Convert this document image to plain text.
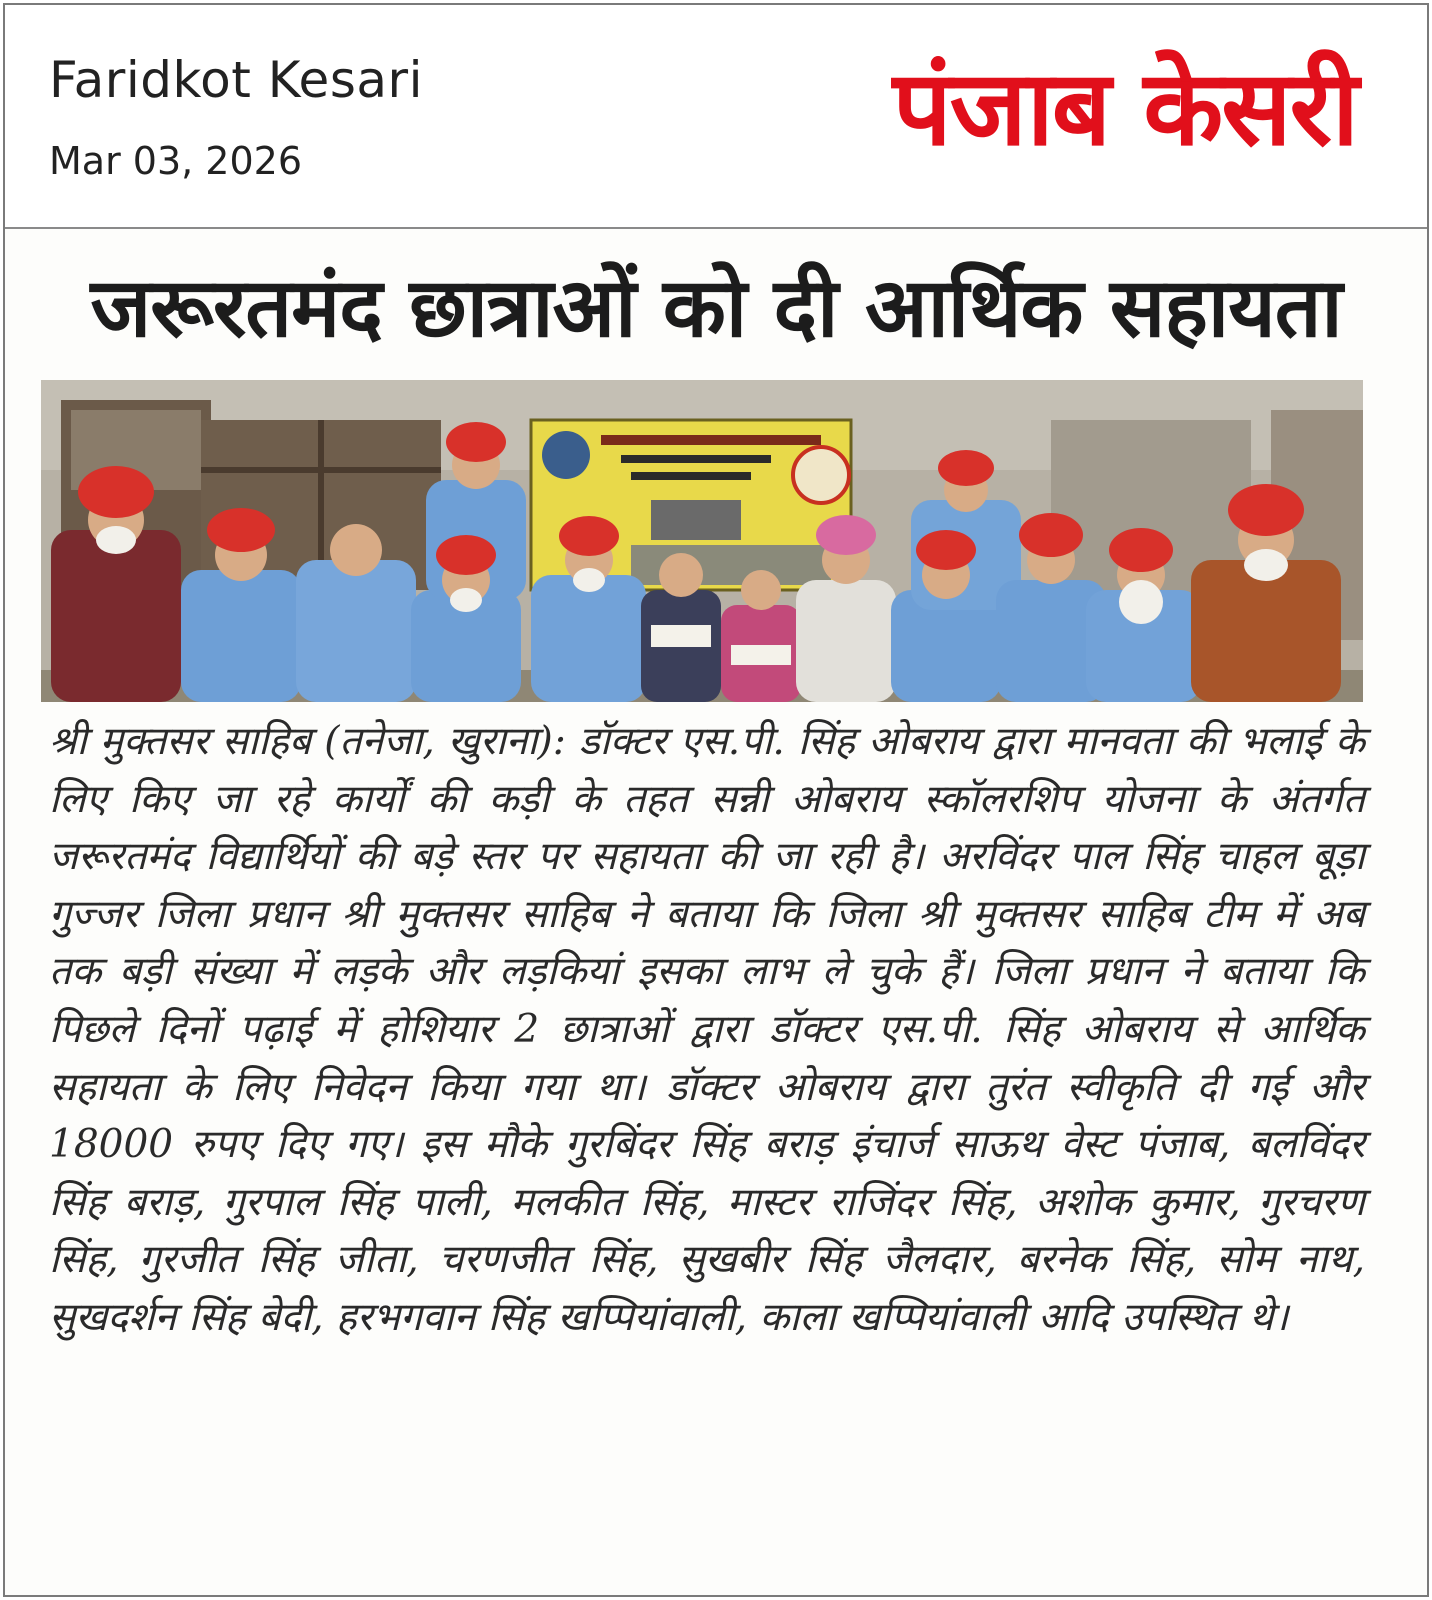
Faridkot Kesari
Mar 03, 2026	पंजाब केसरी
जरूरतमंद छात्राओं को दी आर्थिक सहायता

श्री मुक्तसर साहिब (तनेजा, खुराना): डॉक्टर एस.पी. सिंह ओबराय द्वारा मानवता की भलाई के लिए किए जा रहे कार्यों की कड़ी के तहत सन्नी ओबराय स्कॉलरशिप योजना के अंतर्गत जरूरतमंद विद्यार्थियों की बड़े स्तर पर सहायता की जा रही है। अरविंदर पाल सिंह चाहल बूड़ा गुज्जर जिला प्रधान श्री मुक्तसर साहिब ने बताया कि जिला श्री मुक्तसर साहिब टीम में अब तक बड़ी संख्या में लड़के और लड़कियां इसका लाभ ले चुके हैं। जिला प्रधान ने बताया कि पिछले दिनों पढ़ाई में होशियार 2 छात्राओं द्वारा डॉक्टर एस.पी. सिंह ओबराय से आर्थिक सहायता के लिए निवेदन किया गया था। डॉक्टर ओबराय द्वारा तुरंत स्वीकृति दी गई और 18000 रुपए दिए गए। इस मौके गुरबिंदर सिंह बराड़ इंचार्ज साऊथ वेस्ट पंजाब, बलविंदर सिंह बराड़, गुरपाल सिंह पाली, मलकीत सिंह, मास्टर राजिंदर सिंह, अशोक कुमार, गुरचरण सिंह, गुरजीत सिंह जीता, चरणजीत सिंह, सुखबीर सिंह जैलदार, बरनेक सिंह, सोम नाथ, सुखदर्शन सिंह बेदी, हरभगवान सिंह खप्पियांवाली, काला खप्पियांवाली आदि उपस्थित थे।
